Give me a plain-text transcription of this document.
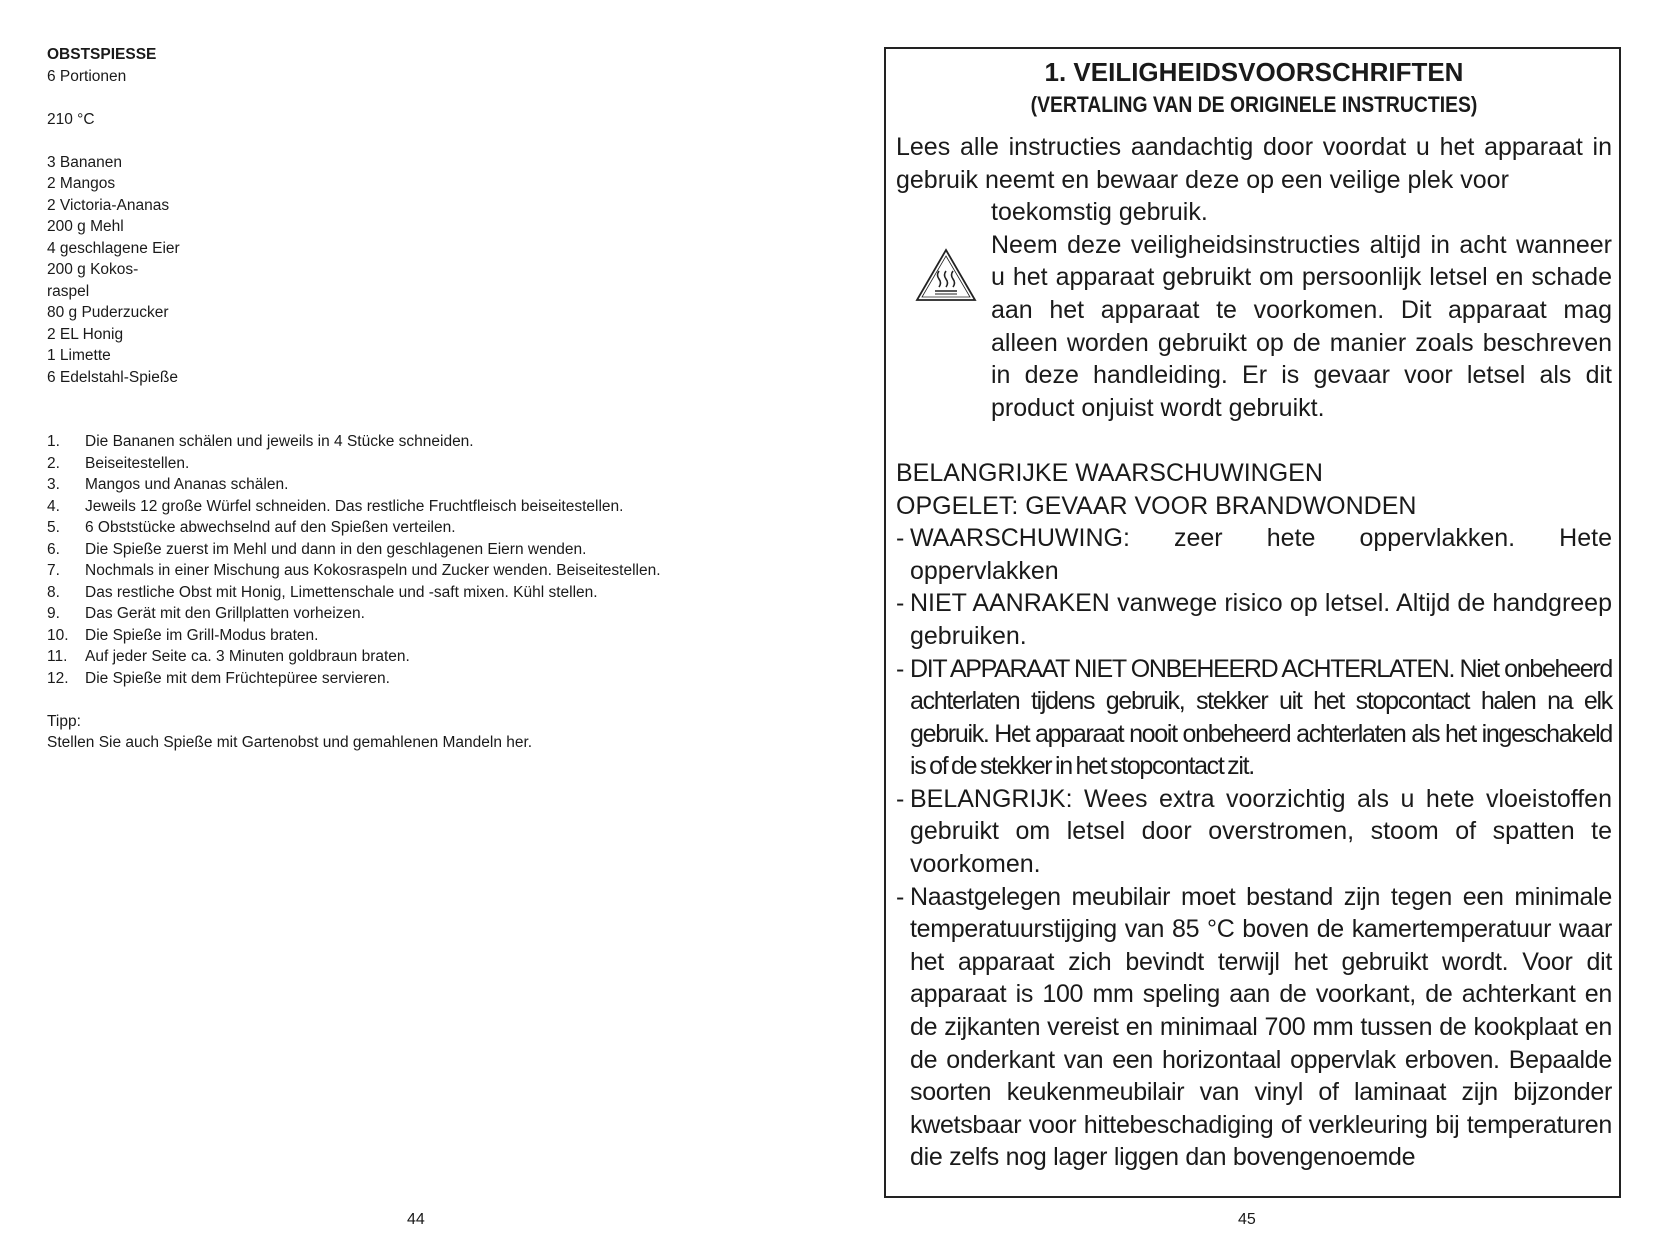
OBSTSPIESSE
6 Portionen
210 °C
3 Bananen
2 Mangos
2 Victoria-Ananas
200 g Mehl
4 geschlagene Eier
200 g Kokos-
raspel
80 g Puderzucker
2 EL Honig
1 Limette
6 Edelstahl-Spieße
1.	Die Bananen schälen und jeweils in 4 Stücke schneiden.
2.	Beiseitestellen.
3.	Mangos und Ananas schälen.
4.	Jeweils 12 große Würfel schneiden. Das restliche Fruchtfleisch beiseitestellen.
5.	6 Obststücke abwechselnd auf den Spießen verteilen.
6.	Die Spieße zuerst im Mehl und dann in den geschlagenen Eiern wenden.
7.	Nochmals in einer Mischung aus Kokosraspeln und Zucker wenden. Beiseitestellen.
8.	Das restliche Obst mit Honig, Limettenschale und -saft mixen. Kühl stellen.
9.	Das Gerät mit den Grillplatten vorheizen.
10.	Die Spieße im Grill-Modus braten.
11.	Auf jeder Seite ca. 3 Minuten goldbraun braten.
12.	Die Spieße mit dem Früchtepüree servieren.
Tipp:
Stellen Sie auch Spieße mit Gartenobst und gemahlenen Mandeln her.
44
1. VEILIGHEIDSVOORSCHRIFTEN
(VERTALING VAN DE ORIGINELE INSTRUCTIES)
Lees alle instructies aandachtig door voordat u het apparaat in gebruik neemt en bewaar deze op een veilige plek voor
toekomstig gebruik.
Neem deze veiligheidsinstructies altijd in acht wanneer u het apparaat gebruikt om persoonlijk letsel en schade aan het apparaat te voorkomen. Dit apparaat mag alleen worden gebruikt op de manier zoals beschreven in deze handleiding. Er is gevaar voor letsel als dit product onjuist wordt gebruikt.
BELANGRIJKE WAARSCHUWINGEN
OPGELET: GEVAAR VOOR BRANDWONDEN
- WAARSCHUWING: zeer hete oppervlakken. Hete oppervlakken
- NIET AANRAKEN vanwege risico op letsel. Altijd de handgreep gebruiken.
- DIT APPARAAT NIET ONBEHEERD ACHTERLATEN. Niet onbeheerd achterlaten tijdens gebruik, stekker uit het stopcontact halen na elk gebruik. Het apparaat nooit onbeheerd achterlaten als het ingeschakeld is of de stekker in het stopcontact zit.
- BELANGRIJK: Wees extra voorzichtig als u hete vloeistoffen gebruikt om letsel door overstromen, stoom of spatten te voorkomen.
- Naastgelegen meubilair moet bestand zijn tegen een minimale temperatuurstijging van 85 °C boven de kamertemperatuur waar het apparaat zich bevindt terwijl het gebruikt wordt. Voor dit apparaat is 100 mm speling aan de voorkant, de achterkant en de zijkanten vereist en minimaal 700 mm tussen de kookplaat en de onderkant van een horizontaal oppervlak erboven. Bepaalde soorten keukenmeubilair van vinyl of laminaat zijn bijzonder kwetsbaar voor hittebeschadiging of verkleuring bij temperaturen die zelfs nog lager liggen dan bovengenoemde
45
